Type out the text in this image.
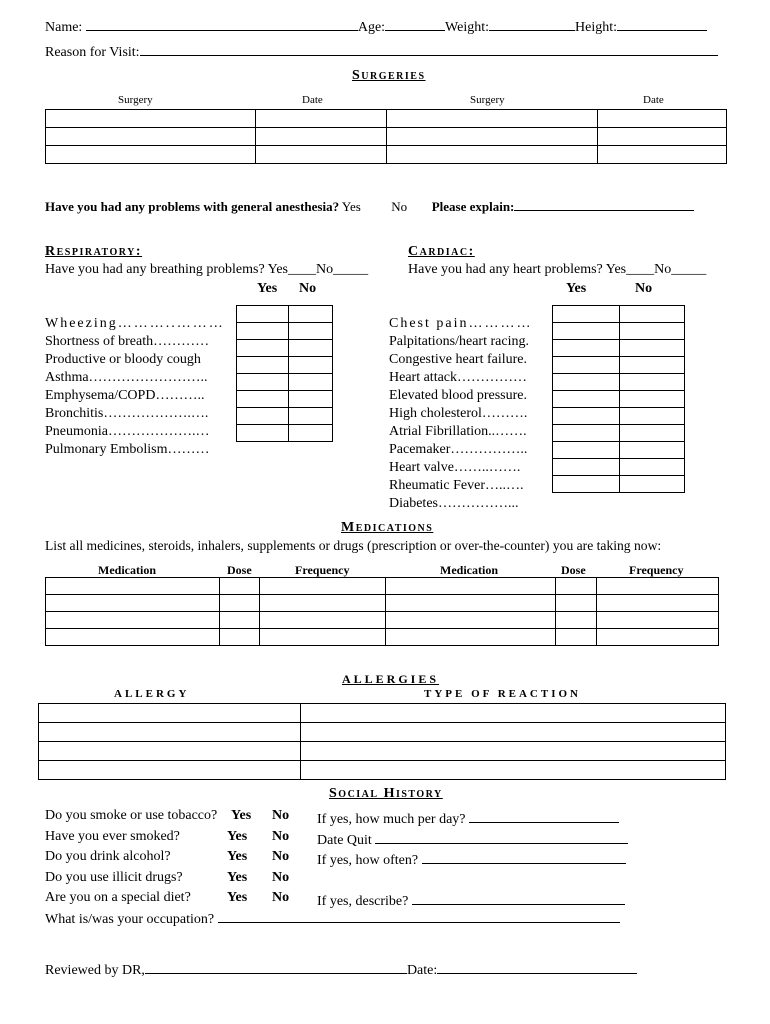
Name:	Age:	Weight:	Height:
Reason for Visit:
Surgeries
Surgery	Date	Surgery	Date

Have you had any problems with general anesthesia? Yes No Please explain:
Respiratory:
Have you had any breathing problems? Yes____No_____
Yes No
Wheezing………..………
Shortness of breath…………
Productive or bloody cough
Asthma……………………..
Emphysema/COPD………..
Bronchitis……………….….
Pneumonia……………….…
Pulmonary Embolism………

Cardiac:
Have you had any heart problems? Yes____No_____
Yes	No
Chest pain…………
Palpitations/heart racing.
Congestive heart failure.
Heart attack……………
Elevated blood pressure.
High cholesterol……….
Atrial Fibrillation..…….
Pacemaker……………..
Heart valve……..…….
Rheumatic Fever…..….
Diabetes……………...

Medications
List all medicines, steroids, inhalers, supplements or drugs (prescription or over-the-counter) you are taking now:
Medication	Dose	Frequency	Medication	Dose	Frequency

ALLERGIES
ALLERGY	TYPE OF REACTION

Social History
Do you smoke or use tobacco? Yes No If yes, how much per day?
Have you ever smoked?	Yes No Date Quit
Do you drink alcohol?	Yes No If yes, how often?
Do you use illicit drugs?	Yes No
Are you on a special diet?	Yes No If yes, describe?
What is/was your occupation?
Reviewed by DR,	Date:
